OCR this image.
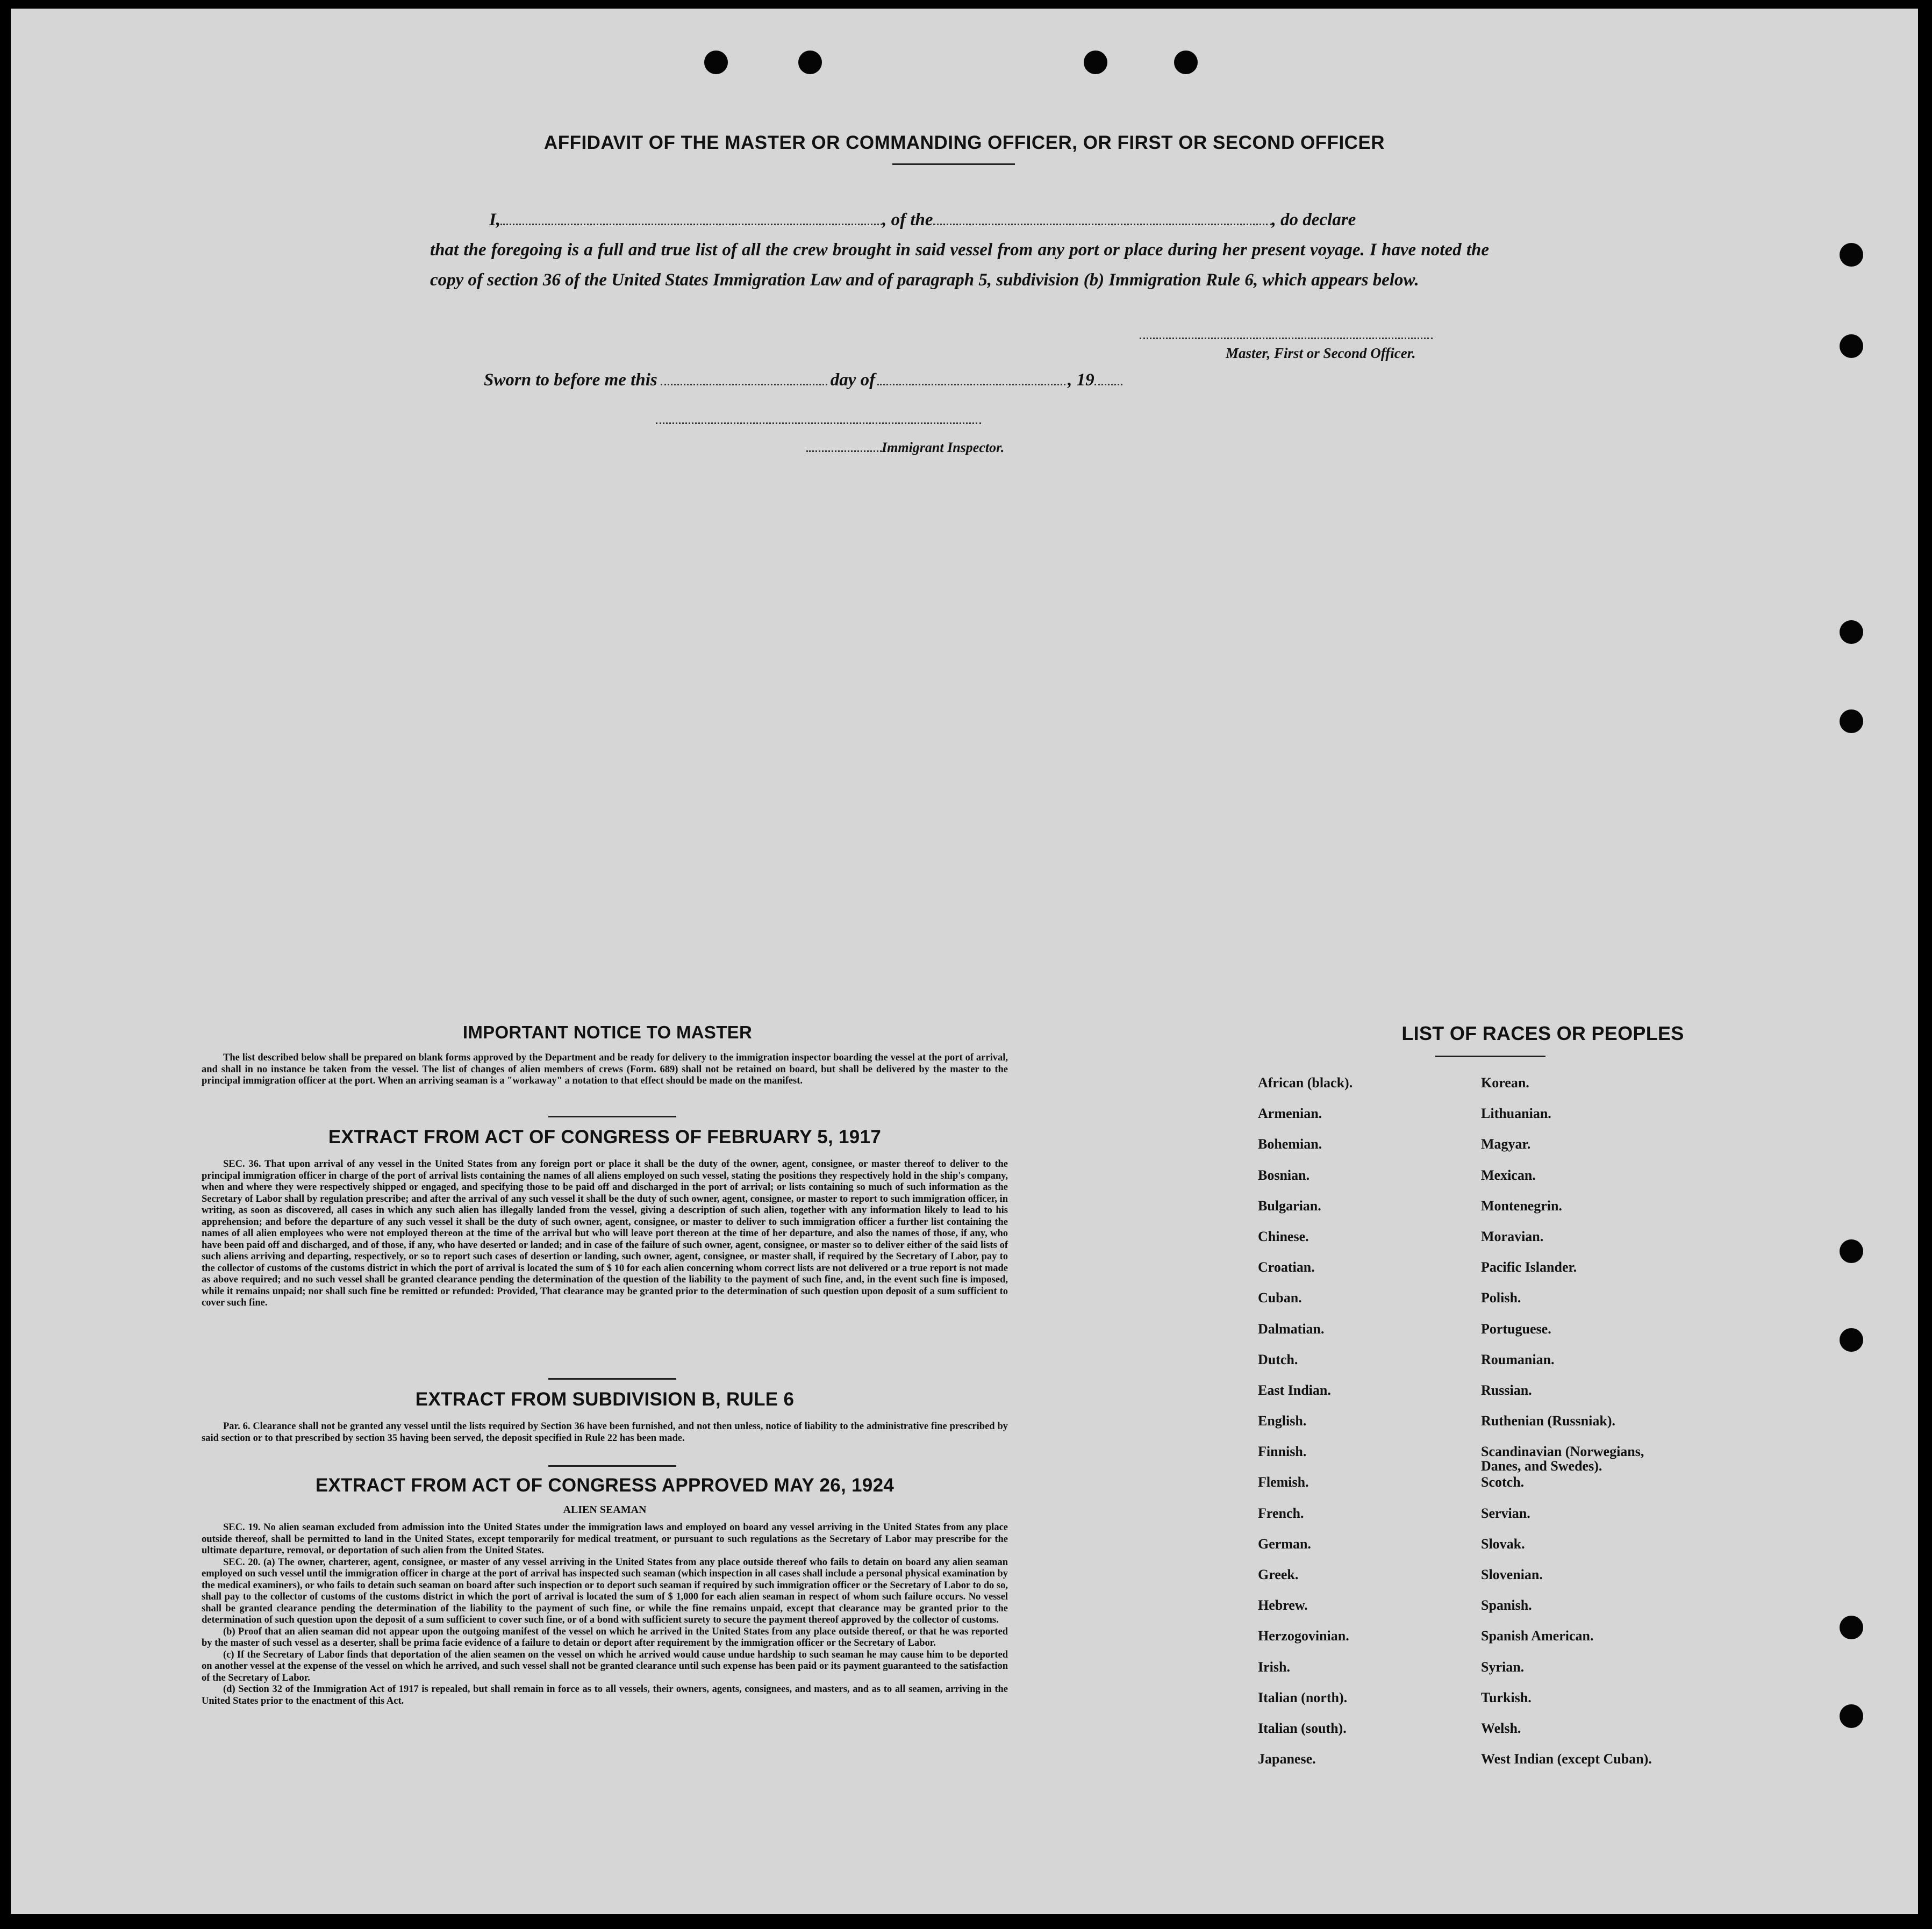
AFFIDAVIT OF THE MASTER OR COMMANDING OFFICER, OR FIRST OR SECOND OFFICER
I,	, of the	, do declare
that the foregoing is a full and true list of all the crew brought in said vessel from any port or place during her present voyage. I have noted the copy of section 36 of the United States Immigration Law and of paragraph 5, subdivision (b) Immigration Rule 6, which appears below.
Master, First or Second Officer.
Sworn to before me this	day of	, 19
Immigrant Inspector.
IMPORTANT NOTICE TO MASTER

The list described below shall be prepared on blank forms approved by the Department and be ready for delivery to the immigration inspector boarding the vessel at the port of arrival, and shall in no instance be taken from the vessel. The list of changes of alien members of crews (Form. 689) shall not be retained on board, but shall be delivered by the master to the principal immigration officer at the port. When an arriving seaman is a "workaway" a notation to that effect should be made on the manifest.

EXTRACT FROM ACT OF CONGRESS OF FEBRUARY 5, 1917

SEC. 36. That upon arrival of any vessel in the United States from any foreign port or place it shall be the duty of the owner, agent, consignee, or master thereof to deliver to the principal immigration officer in charge of the port of arrival lists containing the names of all aliens employed on such vessel, stating the positions they respectively hold in the ship's company, when and where they were respectively shipped or engaged, and specifying those to be paid off and discharged in the port of arrival; or lists containing so much of such information as the Secretary of Labor shall by regulation prescribe; and after the arrival of any such vessel it shall be the duty of such owner, agent, consignee, or master to report to such immigration officer, in writing, as soon as discovered, all cases in which any such alien has illegally landed from the vessel, giving a description of such alien, together with any information likely to lead to his apprehension; and before the departure of any such vessel it shall be the duty of such owner, agent, consignee, or master to deliver to such immigration officer a further list containing the names of all alien employees who were not employed thereon at the time of the arrival but who will leave port thereon at the time of her departure, and also the names of those, if any, who have been paid off and discharged, and of those, if any, who have deserted or landed; and in case of the failure of such owner, agent, consignee, or master so to deliver either of the said lists of such aliens arriving and departing, respectively, or so to report such cases of desertion or landing, such owner, agent, consignee, or master shall, if required by the Secretary of Labor, pay to the collector of customs of the customs district in which the port of arrival is located the sum of $ 10 for each alien concerning whom correct lists are not delivered or a true report is not made as above required; and no such vessel shall be granted clearance pending the determination of the question of the liability to the payment of such fine, and, in the event such fine is imposed, while it remains unpaid; nor shall such fine be remitted or refunded: Provided, That clearance may be granted prior to the determination of such question upon deposit of a sum sufficient to cover such fine.

EXTRACT FROM SUBDIVISION B, RULE 6

Par. 6. Clearance shall not be granted any vessel until the lists required by Section 36 have been furnished, and not then unless, notice of liability to the administrative fine prescribed by said section or to that prescribed by section 35 having been served, the deposit specified in Rule 22 has been made.

EXTRACT FROM ACT OF CONGRESS APPROVED MAY 26, 1924
ALIEN SEAMAN

SEC. 19. No alien seaman excluded from admission into the United States under the immigration laws and employed on board any vessel arriving in the United States from any place outside thereof, shall be permitted to land in the United States, except temporarily for medical treatment, or pursuant to such regulations as the Secretary of Labor may prescribe for the ultimate departure, removal, or deportation of such alien from the United States.

SEC. 20. (a) The owner, charterer, agent, consignee, or master of any vessel arriving in the United States from any place outside thereof who fails to detain on board any alien seaman employed on such vessel until the immigration officer in charge at the port of arrival has inspected such seaman (which inspection in all cases shall include a personal physical examination by the medical examiners), or who fails to detain such seaman on board after such inspection or to deport such seaman if required by such immigration officer or the Secretary of Labor to do so, shall pay to the collector of customs of the customs district in which the port of arrival is located the sum of $ 1,000 for each alien seaman in respect of whom such failure occurs. No vessel shall be granted clearance pending the determination of the liability to the payment of such fine, or while the fine remains unpaid, except that clearance may be granted prior to the determination of such question upon the deposit of a sum sufficient to cover such fine, or of a bond with sufficient surety to secure the payment thereof approved by the collector of customs.

(b) Proof that an alien seaman did not appear upon the outgoing manifest of the vessel on which he arrived in the United States from any place outside thereof, or that he was reported by the master of such vessel as a deserter, shall be prima facie evidence of a failure to detain or deport after requirement by the immigration officer or the Secretary of Labor.

(c) If the Secretary of Labor finds that deportation of the alien seamen on the vessel on which he arrived would cause undue hardship to such seaman he may cause him to be deported on another vessel at the expense of the vessel on which he arrived, and such vessel shall not be granted clearance until such expense has been paid or its payment guaranteed to the satisfaction of the Secretary of Labor.

(d) Section 32 of the Immigration Act of 1917 is repealed, but shall remain in force as to all vessels, their owners, agents, consignees, and masters, and as to all seamen, arriving in the United States prior to the enactment of this Act.

LIST OF RACES OR PEOPLES
African (black).	Korean.
Armenian.	Lithuanian.
Bohemian.	Magyar.
Bosnian.	Mexican.
Bulgarian.	Montenegrin.
Chinese.	Moravian.
Croatian.	Pacific Islander.
Cuban.	Polish.
Dalmatian.	Portuguese.
Dutch.	Roumanian.
East Indian.	Russian.
English.	Ruthenian (Russniak).
Finnish.	Scandinavian (Norwegians,
Danes, and Swedes).
Flemish.	Scotch.
French.	Servian.
German.	Slovak.
Greek.	Slovenian.
Hebrew.	Spanish.
Herzogovinian.	Spanish American.
Irish.	Syrian.
Italian (north).	Turkish.
Italian (south).	Welsh.
Japanese.	West Indian (except Cuban).
